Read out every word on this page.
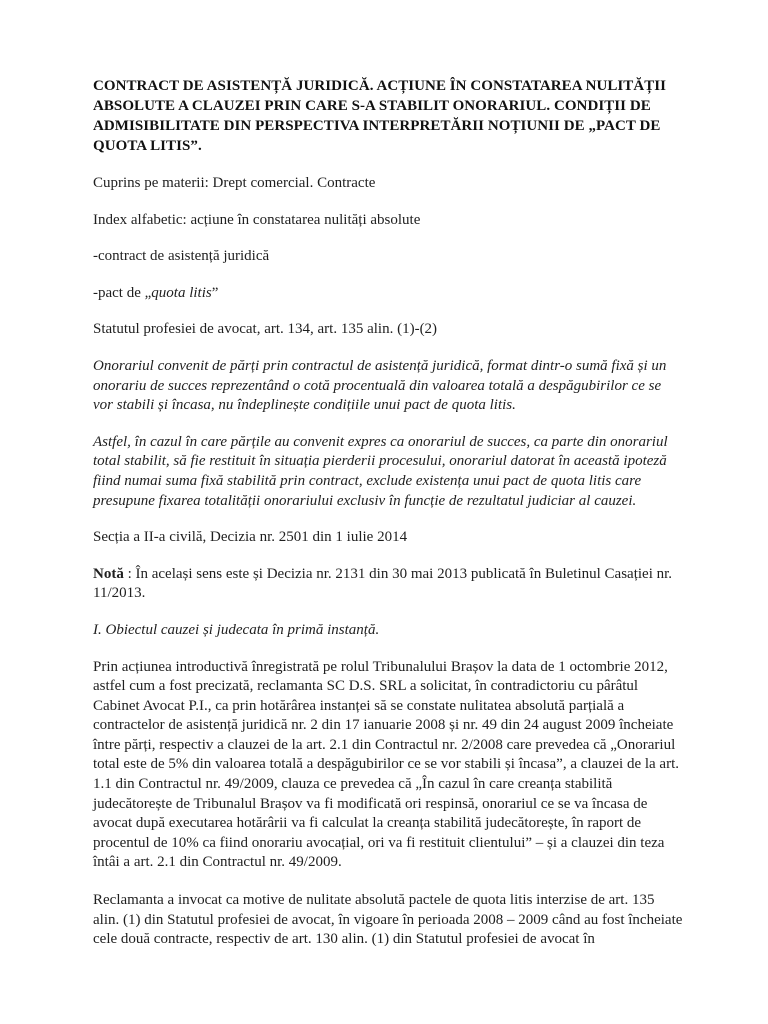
CONTRACT DE ASISTENȚĂ JURIDICĂ. ACȚIUNE ÎN CONSTATAREA NULITĂȚII ABSOLUTE A CLAUZEI PRIN CARE S-A STABILIT ONORARIUL. CONDIȚII DE ADMISIBILITATE DIN PERSPECTIVA INTERPRETĂRII NOȚIUNII DE „PACT DE QUOTA LITIS”.

Cuprins pe materii: Drept comercial. Contracte

Index alfabetic: acțiune în constatarea nulități absolute

-contract de asistență juridică

-pact de „quota litis”

Statutul profesiei de avocat, art. 134, art. 135 alin. (1)-(2)

Onorariul convenit de părți prin contractul de asistență juridică, format dintr-o sumă fixă și un onorariu de succes reprezentând o cotă procentuală din valoarea totală a despăgubirilor ce se vor stabili și încasa, nu îndeplinește condițiile unui pact de quota litis.

Astfel, în cazul în care părțile au convenit expres ca onorariul de succes, ca parte din onorariul total stabilit, să fie restituit în situația pierderii procesului, onorariul datorat în această ipoteză fiind numai suma fixă stabilită prin contract, exclude existența unui pact de quota litis care presupune fixarea totalității onorariului exclusiv în funcție de rezultatul judiciar al cauzei.

Secția a II-a civilă, Decizia nr. 2501 din 1 iulie 2014

Notă : În același sens este și Decizia nr. 2131 din 30 mai 2013 publicată în Buletinul Casației nr. 11/2013.

I. Obiectul cauzei și judecata în primă instanță.

Prin acțiunea introductivă înregistrată pe rolul Tribunalului Brașov la data de 1 octombrie 2012, astfel cum a fost precizată, reclamanta SC D.S. SRL a solicitat, în contradictoriu cu pârâtul Cabinet Avocat P.I., ca prin hotărârea instanței să se constate nulitatea absolută parțială a contractelor de asistență juridică nr. 2 din 17 ianuarie 2008 și nr. 49 din 24 august 2009 încheiate între părți, respectiv a clauzei de la art. 2.1 din Contractul nr. 2/2008 care prevedea că „Onorariul total este de 5% din valoarea totală a despăgubirilor ce se vor stabili și încasa”, a clauzei de la art. 1.1 din Contractul nr. 49/2009, clauza ce prevedea că „În cazul în care creanța stabilită judecătorește de Tribunalul Brașov va fi modificată ori respinsă, onorariul ce se va încasa de avocat după executarea hotărârii va fi calculat la creanța stabilită judecătorește, în raport de procentul de 10% ca fiind onorariu avocațial, ori va fi restituit clientului” – și a clauzei din teza întâi a art. 2.1 din Contractul nr. 49/2009.

Reclamanta a invocat ca motive de nulitate absolută pactele de quota litis interzise de art. 135 alin. (1) din Statutul profesiei de avocat, în vigoare în perioada 2008 – 2009 când au fost încheiate cele două contracte, respectiv de art. 130 alin. (1) din Statutul profesiei de avocat în
